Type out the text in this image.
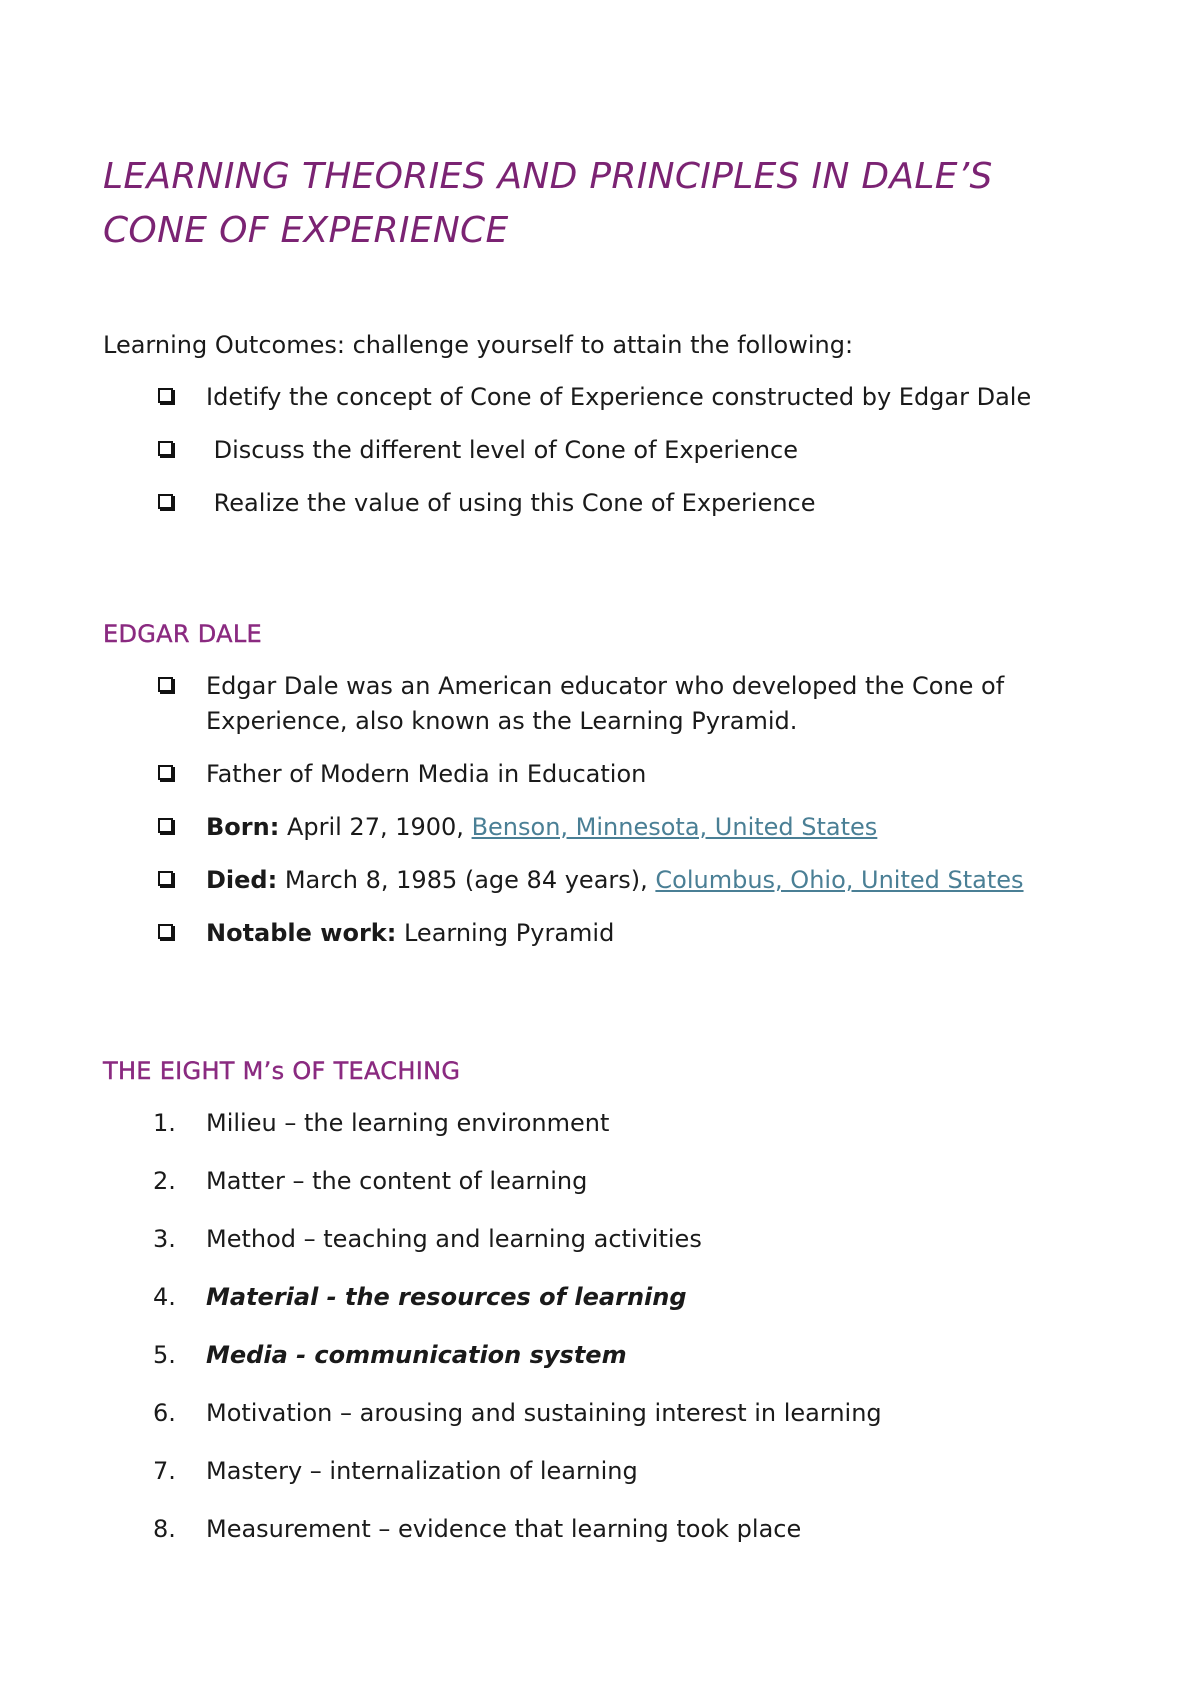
LEARNING THEORIES AND PRINCIPLES IN DALE’S CONE OF EXPERIENCE

Learning Outcomes: challenge yourself to attain the following:

Idetify the concept of Cone of Experience constructed by Edgar Dale
Discuss the different level of Cone of Experience
Realize the value of using this Cone of Experience
EDGAR DALE
Edgar Dale was an American educator who developed the Cone of Experience, also known as the Learning Pyramid.
Father of Modern Media in Education
Born: April 27, 1900, Benson, Minnesota, United States
Died: March 8, 1985 (age 84 years), Columbus, Ohio, United States
Notable work: Learning Pyramid
THE EIGHT M’s OF TEACHING
1.	Milieu – the learning environment
2.	Matter – the content of learning
3.	Method – teaching and learning activities
4.	Material - the resources of learning
5.	Media - communication system
6.	Motivation – arousing and sustaining interest in learning
7.	Mastery – internalization of learning
8.	Measurement – evidence that learning took place
